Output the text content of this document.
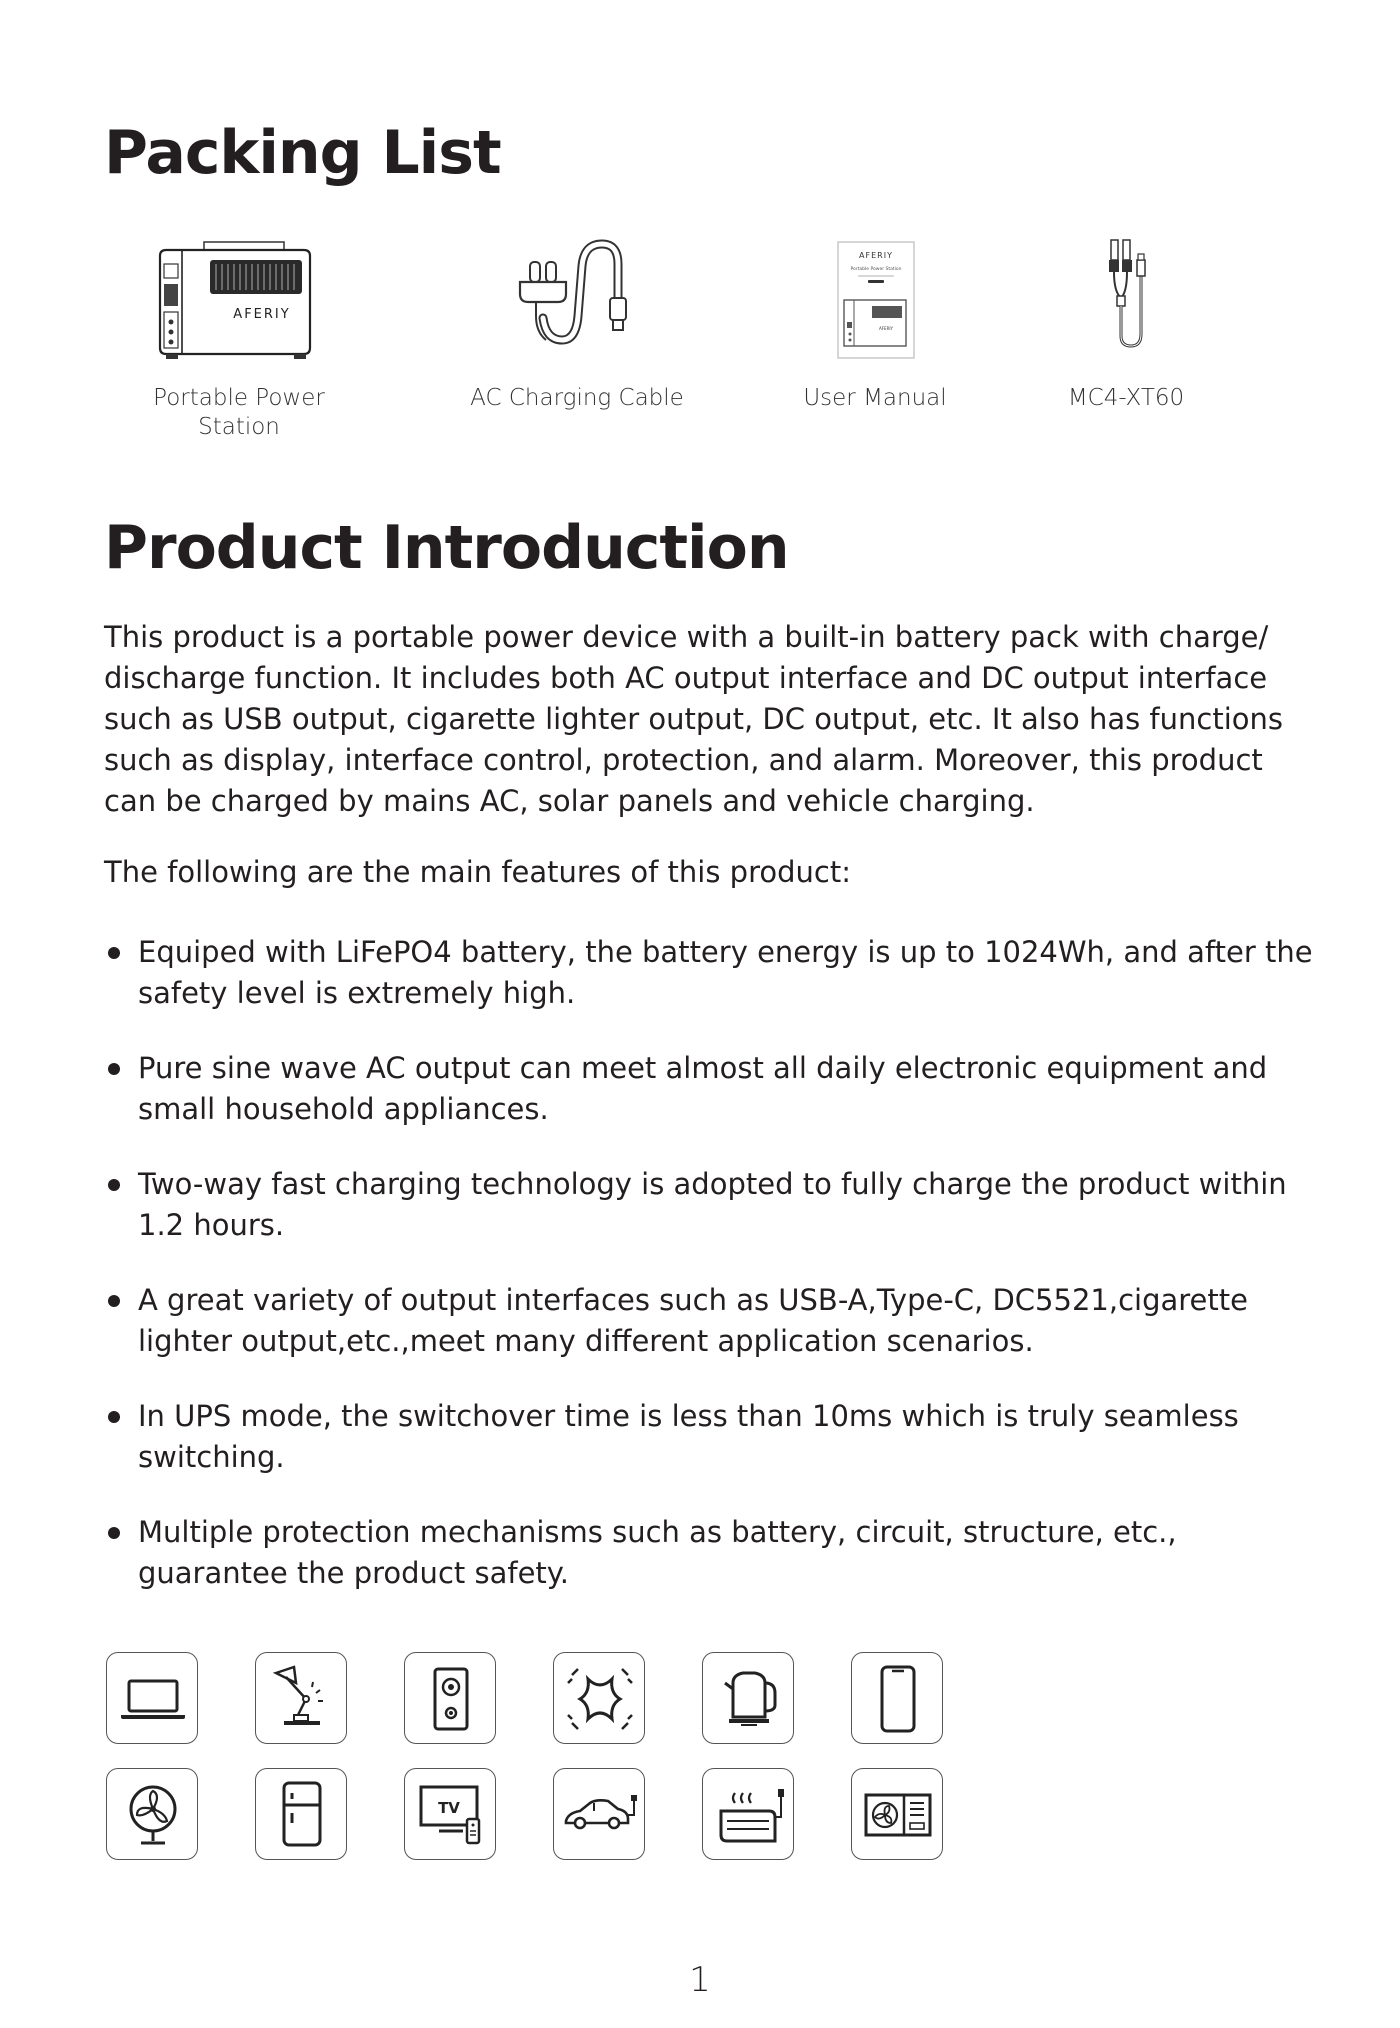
Packing List
AFERIY
Portable Power Station
AC Charging Cable
AFERIY
Portable Power Station
AFERIY
User Manual	MC4-XT60
Product Introduction

This product is a portable power device with a built-in battery pack with charge/ discharge function. It includes both AC output interface and DC output interface such as USB output, cigarette lighter output, DC output, etc. It also has functions such as display, interface control, protection, and alarm. Moreover, this product can be charged by mains AC, solar panels and vehicle charging.

The following are the main features of this product:
Equiped with LiFePO4 battery, the battery energy is up to 1024Wh, and after the safety level is extremely high.
Pure sine wave AC output can meet almost all daily electronic equipment and small household appliances.
Two-way fast charging technology is adopted to fully charge the product within 1.2 hours.
A great variety of output interfaces such as USB-A,Type-C, DC5521,cigarette lighter output,etc.,meet many different application scenarios.
In UPS mode, the switchover time is less than 10ms which is truly seamless switching.
Multiple protection mechanisms such as battery, circuit, structure, etc., guarantee the product safety.
TV
1
